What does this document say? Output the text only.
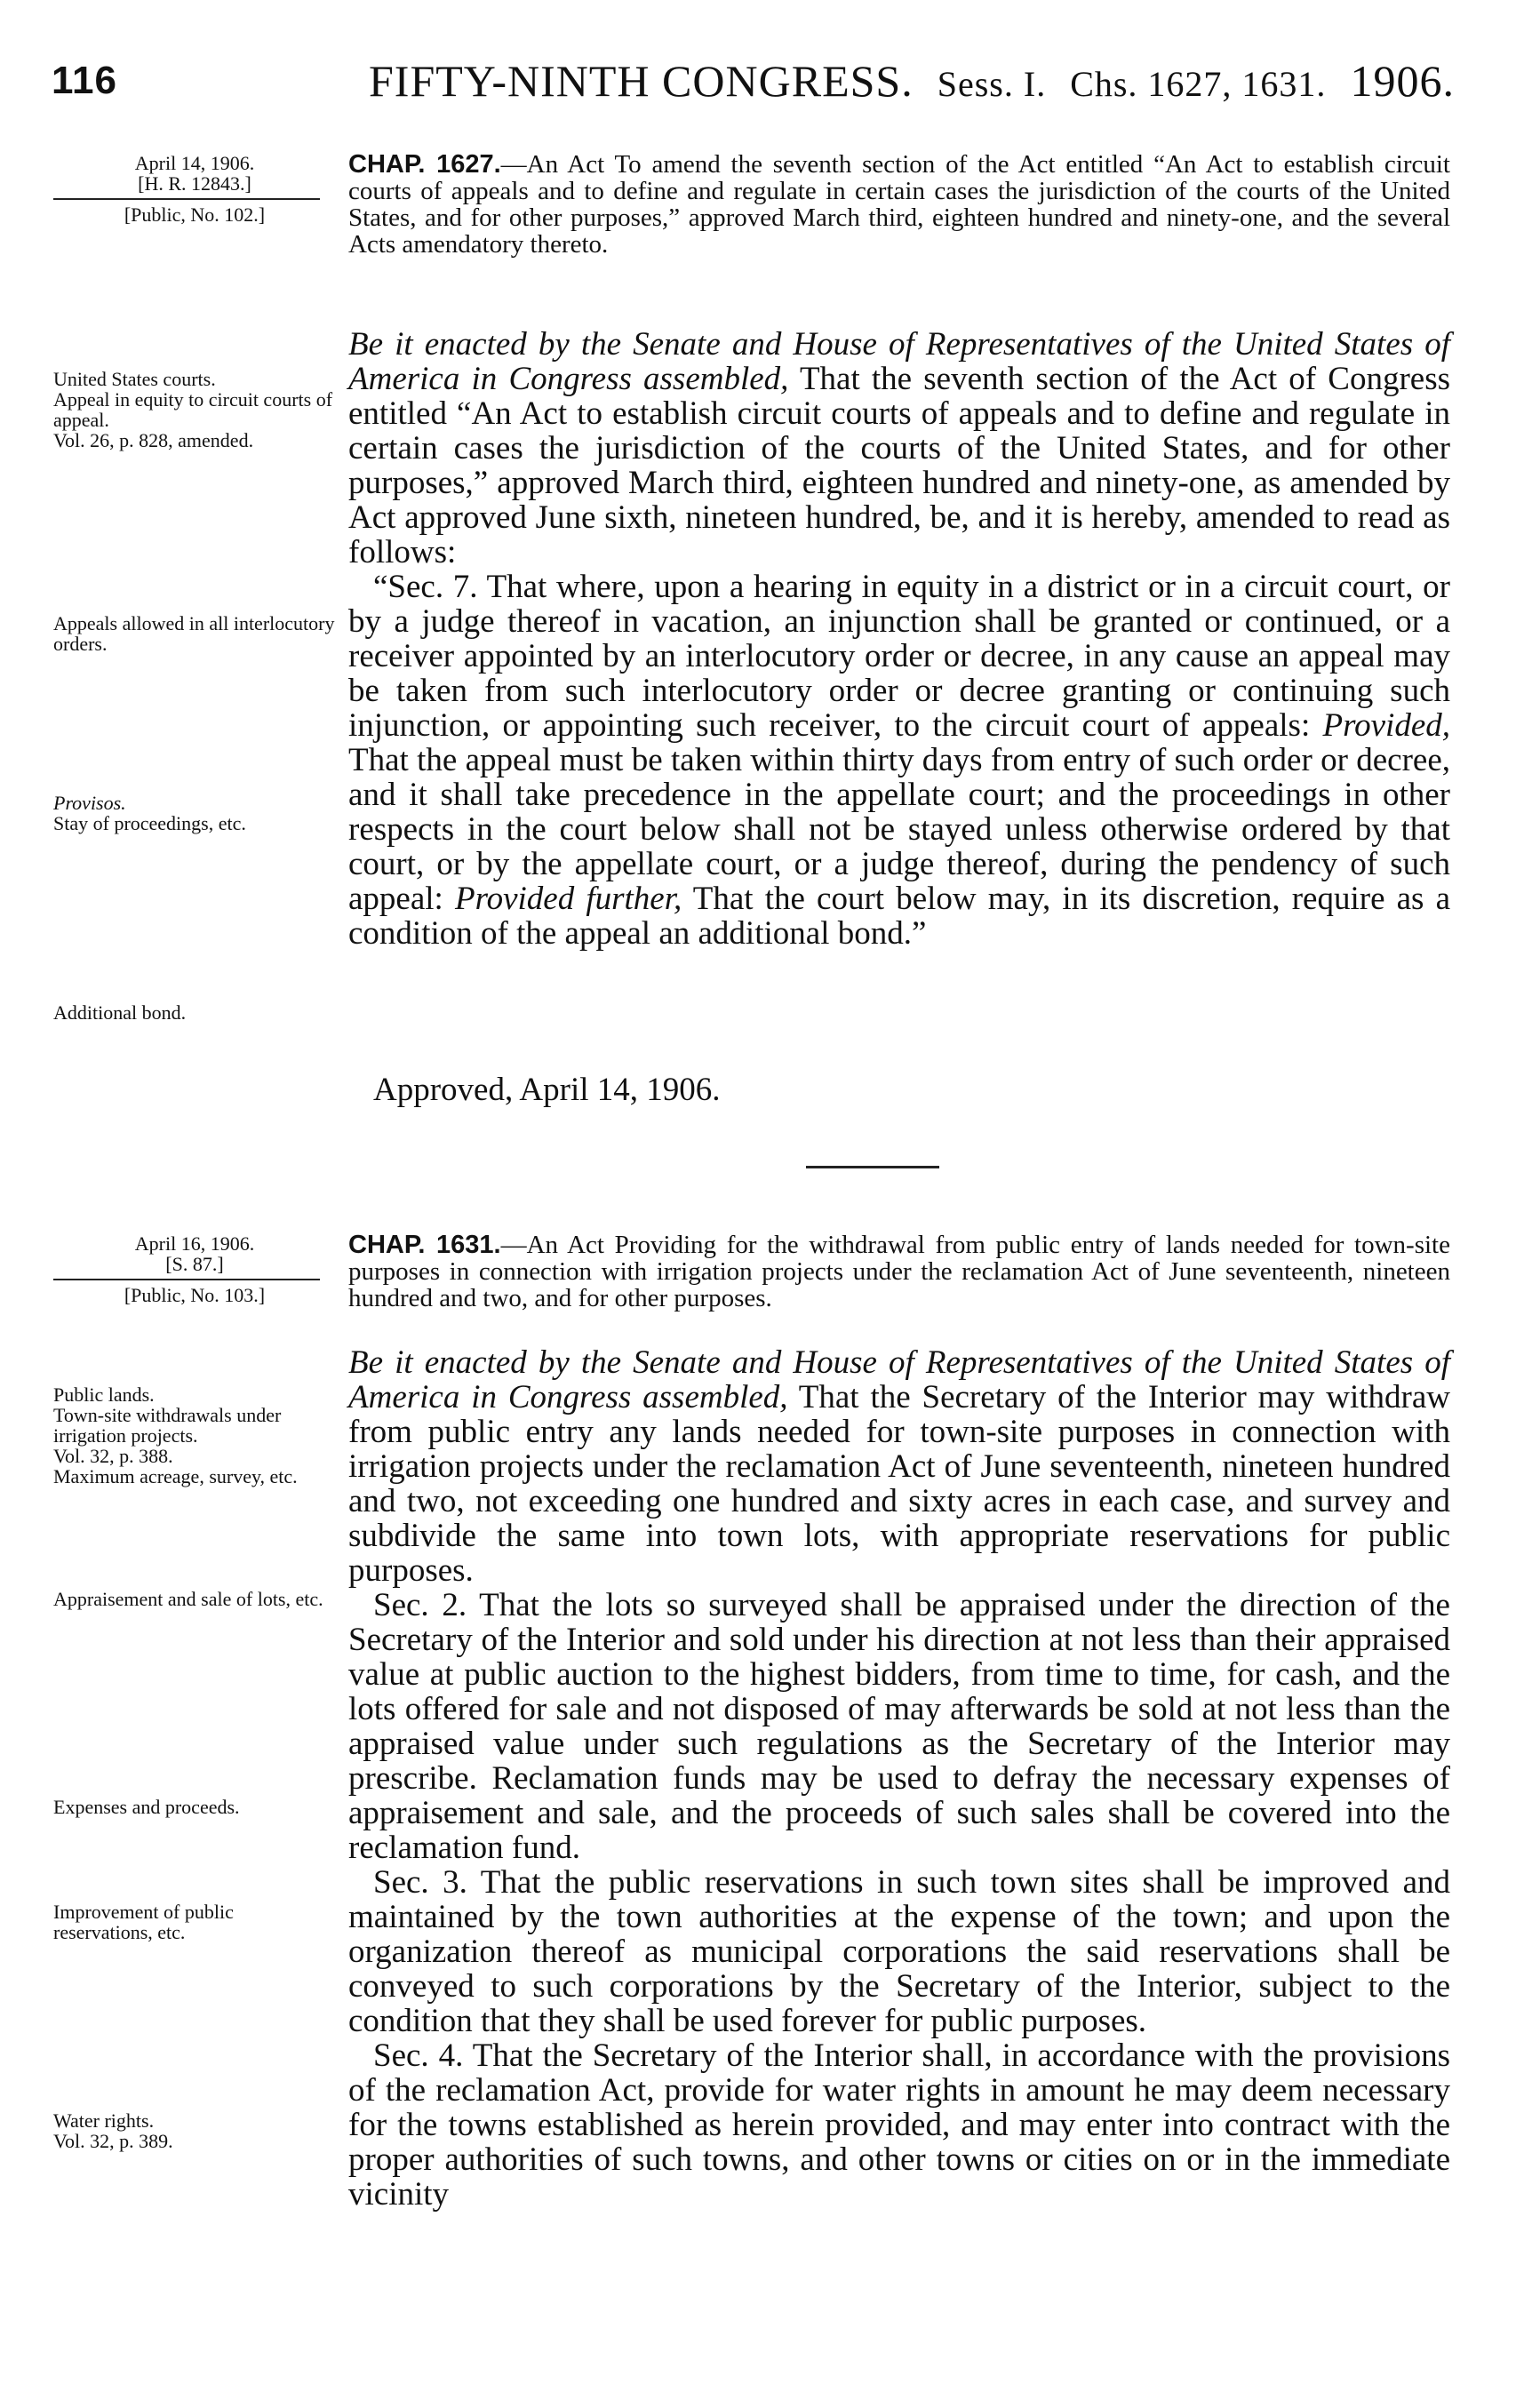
116	FIFTY-NINTH CONGRESS. Sess. I. Chs. 1627, 1631. 1906.
April 14, 1906.
[H. R. 12843.]
[Public, No. 102.]
CHAP. 1627.—An Act To amend the seventh section of the Act entitled “An Act to establish circuit courts of appeals and to define and regulate in certain cases the jurisdiction of the courts of the United States, and for other purposes,” approved March third, eighteen hundred and ninety-one, and the several Acts amendatory thereto.
United States courts.
Appeal in equity to circuit courts of appeal.
Vol. 26, p. 828, amended.
Appeals allowed in all interlocutory orders.
Provisos.
Stay of proceedings, etc.
Additional bond.

Be it enacted by the Senate and House of Representatives of the United States of America in Congress assembled, That the seventh section of the Act of Congress entitled “An Act to establish circuit courts of appeals and to define and regulate in certain cases the jurisdiction of the courts of the United States, and for other purposes,” approved March third, eighteen hundred and ninety-one, as amended by Act approved June sixth, nineteen hundred, be, and it is hereby, amended to read as follows:

“Sec. 7. That where, upon a hearing in equity in a district or in a circuit court, or by a judge thereof in vacation, an injunction shall be granted or continued, or a receiver appointed by an interlocutory order or decree, in any cause an appeal may be taken from such interlocutory order or decree granting or continuing such injunction, or appointing such receiver, to the circuit court of appeals: Provided, That the appeal must be taken within thirty days from entry of such order or decree, and it shall take precedence in the appellate court; and the proceedings in other respects in the court below shall not be stayed unless otherwise ordered by that court, or by the appellate court, or a judge thereof, during the pendency of such appeal: Provided further, That the court below may, in its discretion, require as a condition of the appeal an additional bond.”

Approved, April 14, 1906.
April 16, 1906.
[S. 87.]
[Public, No. 103.]
CHAP. 1631.—An Act Providing for the withdrawal from public entry of lands needed for town-site purposes in connection with irrigation projects under the reclamation Act of June seventeenth, nineteen hundred and two, and for other purposes.
Public lands.
Town-site withdrawals under irrigation projects.
Vol. 32, p. 388.
Maximum acreage, survey, etc.
Appraisement and sale of lots, etc.
Expenses and proceeds.
Improvement of public reservations, etc.
Water rights.
Vol. 32, p. 389.

Be it enacted by the Senate and House of Representatives of the United States of America in Congress assembled, That the Secretary of the Interior may withdraw from public entry any lands needed for town-site purposes in connection with irrigation projects under the reclamation Act of June seventeenth, nineteen hundred and two, not exceeding one hundred and sixty acres in each case, and survey and subdivide the same into town lots, with appropriate reservations for public purposes.

Sec. 2. That the lots so surveyed shall be appraised under the direction of the Secretary of the Interior and sold under his direction at not less than their appraised value at public auction to the highest bidders, from time to time, for cash, and the lots offered for sale and not disposed of may afterwards be sold at not less than the appraised value under such regulations as the Secretary of the Interior may prescribe. Reclamation funds may be used to defray the necessary expenses of appraisement and sale, and the proceeds of such sales shall be covered into the reclamation fund.

Sec. 3. That the public reservations in such town sites shall be improved and maintained by the town authorities at the expense of the town; and upon the organization thereof as municipal corporations the said reservations shall be conveyed to such corporations by the Secretary of the Interior, subject to the condition that they shall be used forever for public purposes.

Sec. 4. That the Secretary of the Interior shall, in accordance with the provisions of the reclamation Act, provide for water rights in amount he may deem necessary for the towns established as herein provided, and may enter into contract with the proper authorities of such towns, and other towns or cities on or in the immediate vicinity
